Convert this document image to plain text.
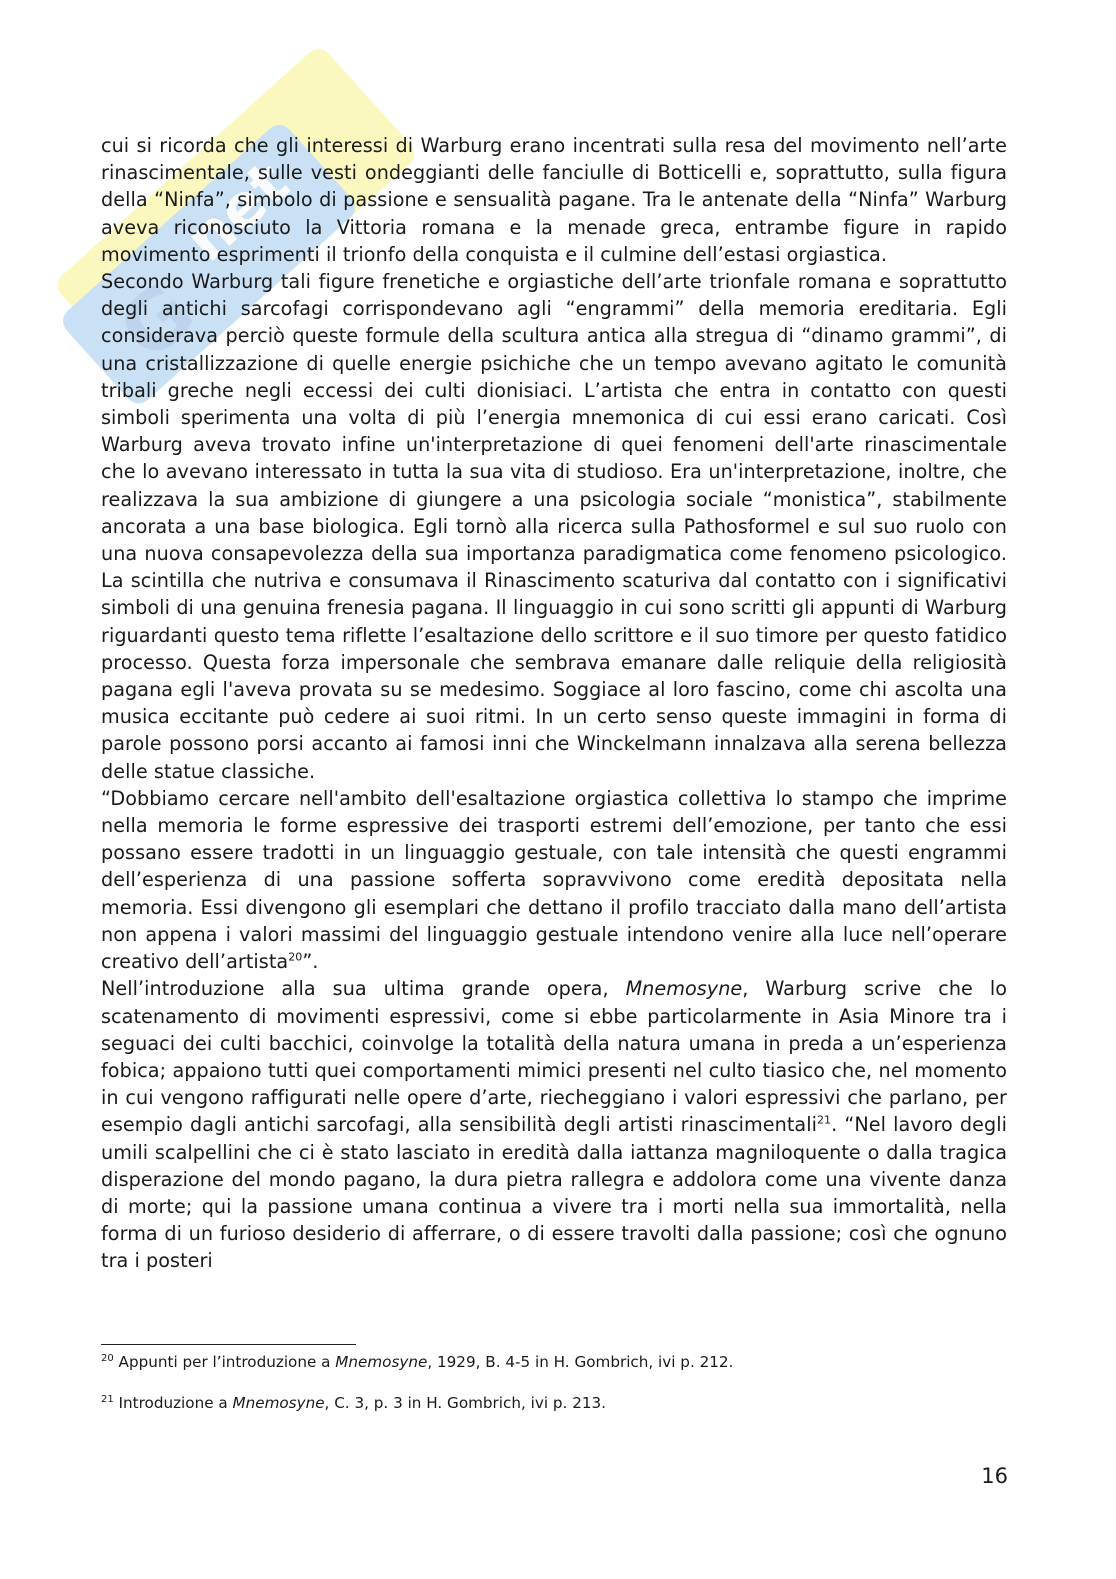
G
net

cui si ricorda che gli interessi di Warburg erano incentrati sulla resa del movimento nell’arte rinascimentale, sulle vesti ondeggianti delle fanciulle di Botticelli e, soprattutto, sulla figura della “Ninfa”, simbolo di passione e sensualità pagane. Tra le antenate della “Ninfa” Warburg aveva riconosciuto la Vittoria romana e la menade greca, entrambe figure in rapido movimento esprimenti il trionfo della conquista e il culmine dell’estasi orgiastica.

Secondo Warburg tali figure frenetiche e orgiastiche dell’arte trionfale romana e soprattutto degli antichi sarcofagi corrispondevano agli “engrammi” della memoria ereditaria. Egli considerava perciò queste formule della scultura antica alla stregua di “dinamo grammi”, di una cristallizzazione di quelle energie psichiche che un tempo avevano agitato le comunità tribali greche negli eccessi dei culti dionisiaci. L’artista che entra in contatto con questi simboli sperimenta una volta di più l’energia mnemonica di cui essi erano caricati. Così Warburg aveva trovato infine un'interpretazione di quei fenomeni dell'arte rinascimentale che lo avevano interessato in tutta la sua vita di studioso. Era un'interpretazione, inoltre, che realizzava la sua ambizione di giungere a una psicologia sociale “monistica”, stabilmente ancorata a una base biologica. Egli tornò alla ricerca sulla Pathosformel e sul suo ruolo con una nuova consapevolezza della sua importanza paradigmatica come fenomeno psicologico. La scintilla che nutriva e consumava il Rinascimento scaturiva dal contatto con i significativi simboli di una genuina frenesia pagana. Il linguaggio in cui sono scritti gli appunti di Warburg riguardanti questo tema riflette l’esaltazione dello scrittore e il suo timore per questo fatidico processo. Questa forza impersonale che sembrava emanare dalle reliquie della religiosità pagana egli l'aveva provata su se medesimo. Soggiace al loro fascino, come chi ascolta una musica eccitante può cedere ai suoi ritmi. In un certo senso queste immagini in forma di parole possono porsi accanto ai famosi inni che Winckelmann innalzava alla serena bellezza delle statue classiche.

“Dobbiamo cercare nell'ambito dell'esaltazione orgiastica collettiva lo stampo che imprime nella memoria le forme espressive dei trasporti estremi dell’emozione, per tanto che essi possano essere tradotti in un linguaggio gestuale, con tale intensità che questi engrammi dell’esperienza di una passione sofferta sopravvivono come eredità depositata nella memoria. Essi divengono gli esemplari che dettano il profilo tracciato dalla mano dell’artista non appena i valori massimi del linguaggio gestuale intendono venire alla luce nell’operare creativo dell’artista$^{20}$”.

Nell’introduzione alla sua ultima grande opera, Mnemosyne, Warburg scrive che lo scatenamento di movimenti espressivi, come si ebbe particolarmente in Asia Minore tra i seguaci dei culti bacchici, coinvolge la totalità della natura umana in preda a un’esperienza fobica; appaiono tutti quei comportamenti mimici presenti nel culto tiasico che, nel momento in cui vengono raffigurati nelle opere d’arte, riecheggiano i valori espressivi che parlano, per esempio dagli antichi sarcofagi, alla sensibilità degli artisti rinascimentali$^{21}$. “Nel lavoro degli umili scalpellini che ci è stato lasciato in eredità dalla iattanza magniloquente o dalla tragica disperazione del mondo pagano, la dura pietra rallegra e addolora come una vivente danza di morte; qui la passione umana continua a vivere tra i morti nella sua immortalità, nella forma di un furioso desiderio di afferrare, o di essere travolti dalla passione; così che ognuno tra i posteri

$^{20}$ Appunti per l’introduzione a Mnemosyne, 1929, B. 4-5 in H. Gombrich, ivi p. 212.

$^{21}$ Introduzione a Mnemosyne, C. 3, p. 3 in H. Gombrich, ivi p. 213.

16
